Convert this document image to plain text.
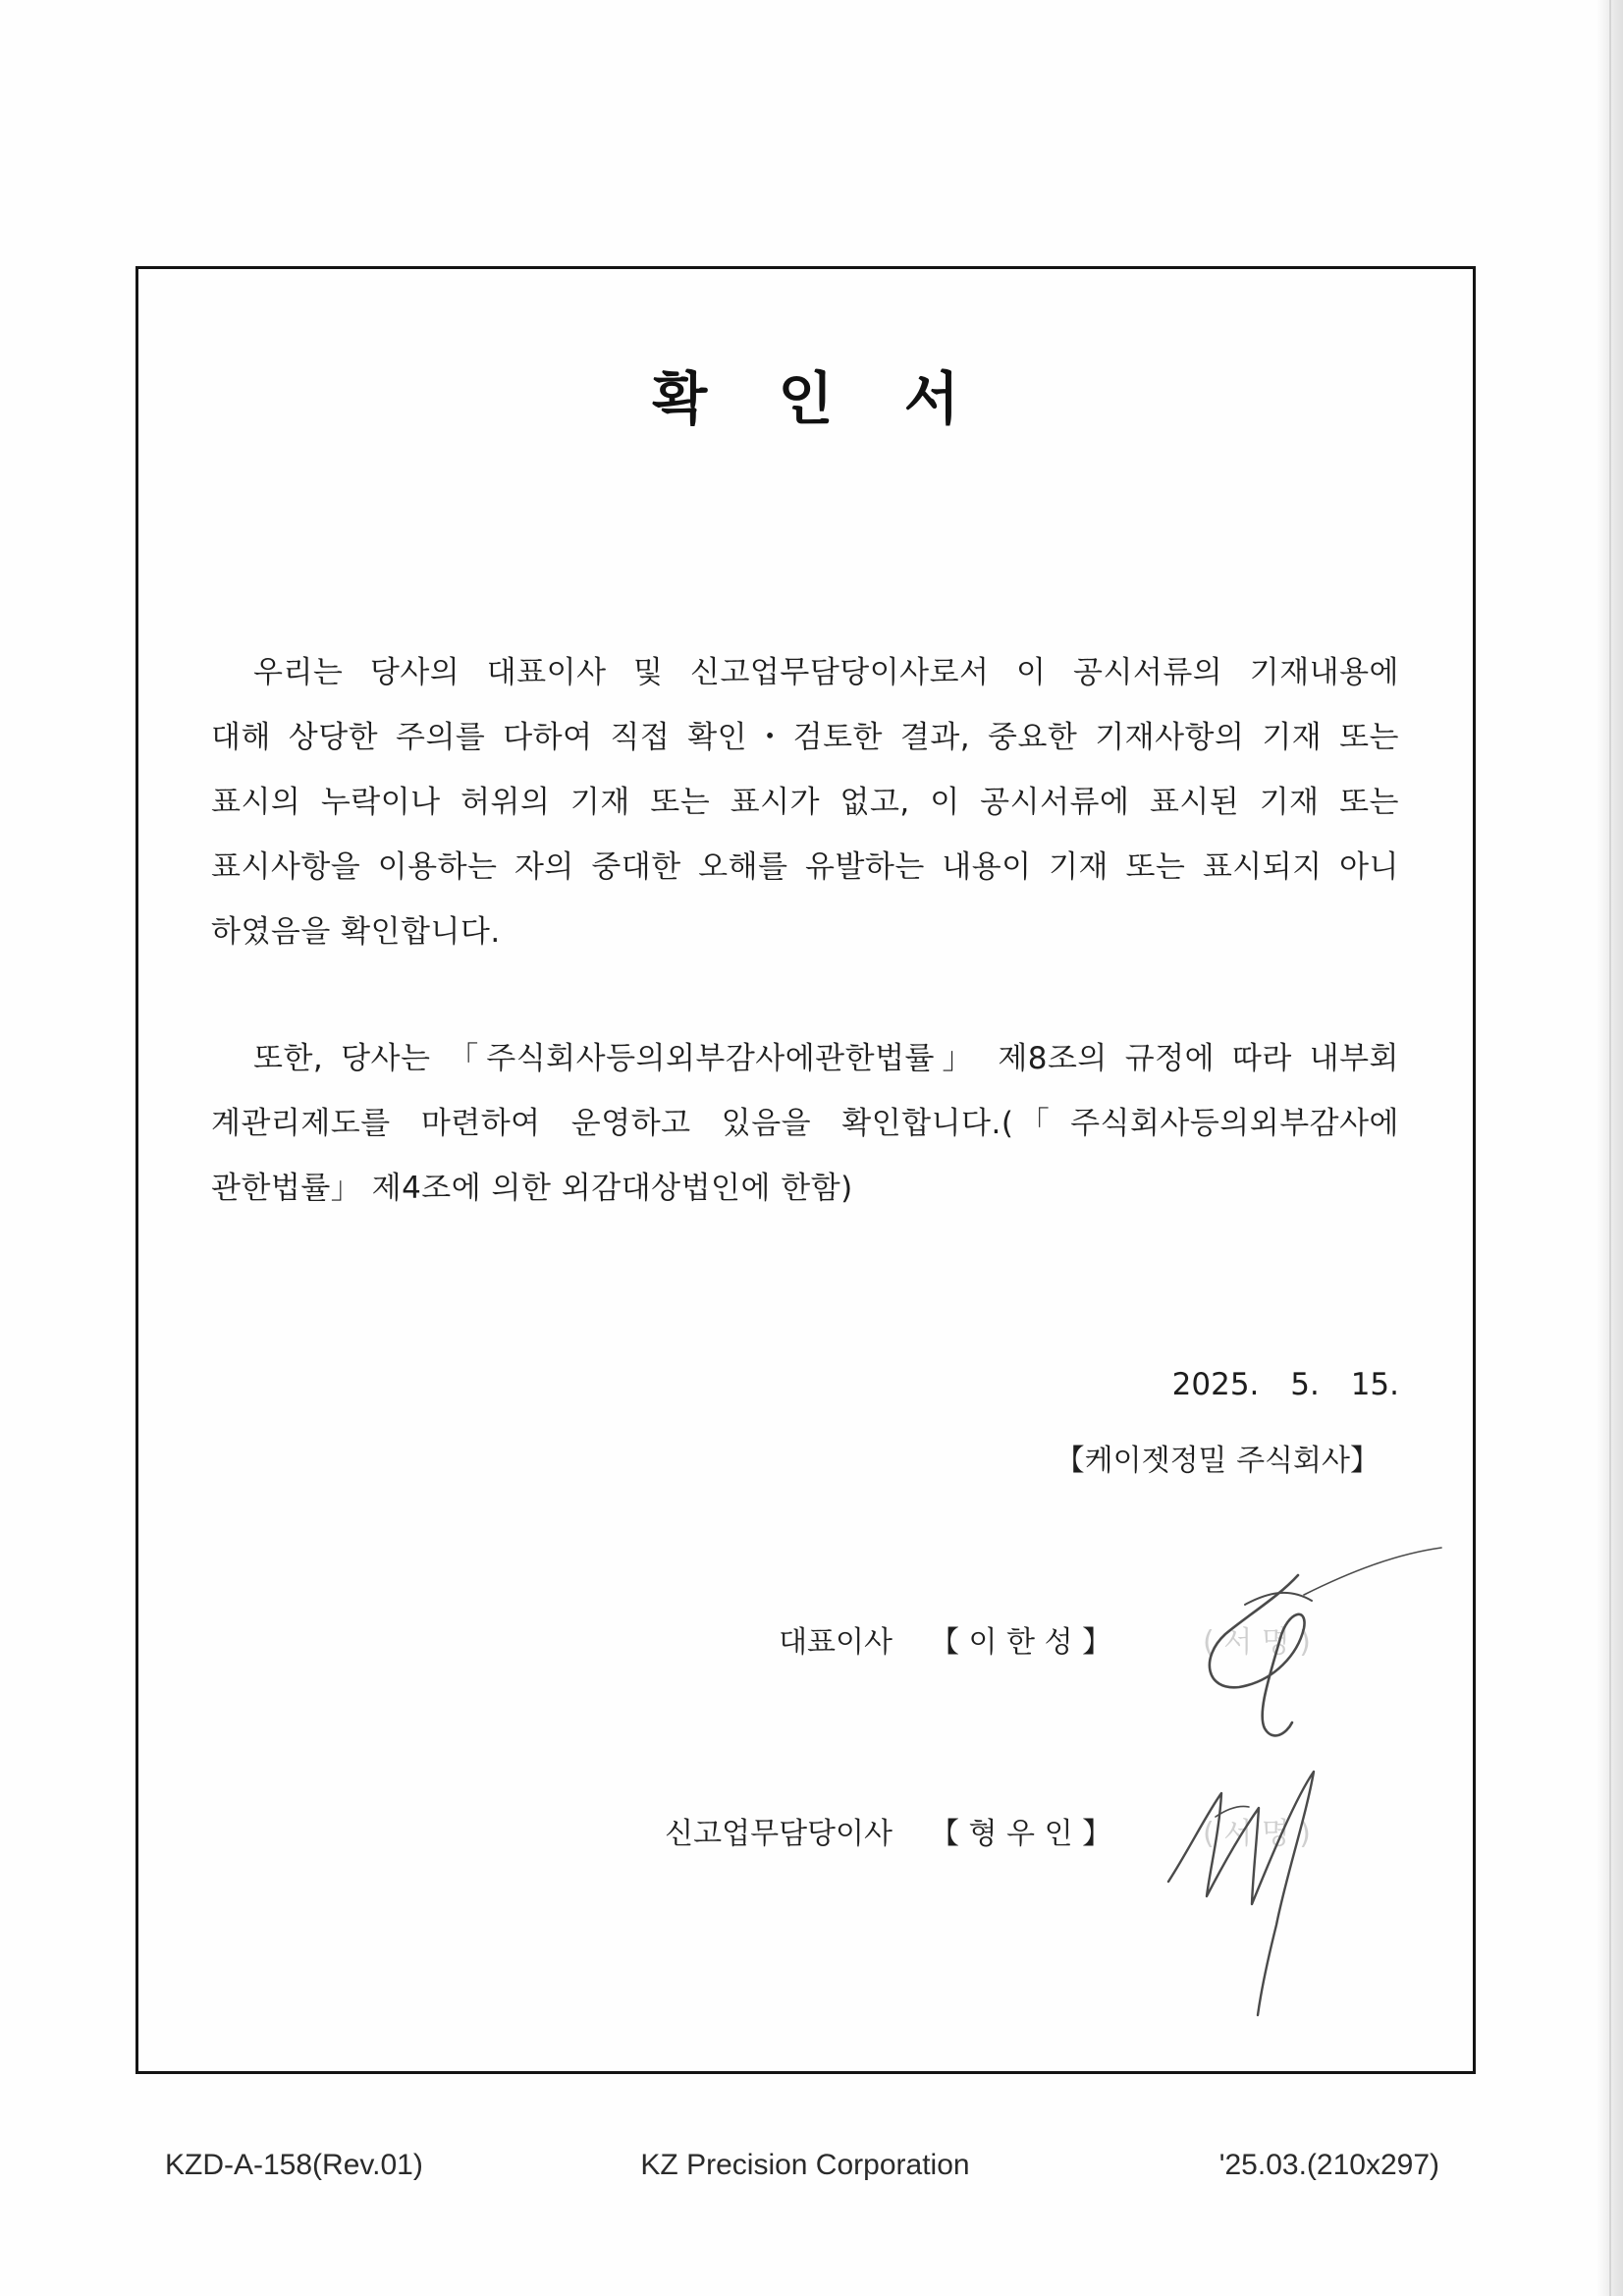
확 인 서
우리는 당사의 대표이사 및 신고업무담당이사로서 이 공시서류의 기재내용에
대해 상당한 주의를 다하여 직접 확인・검토한 결과, 중요한 기재사항의 기재 또는
표시의 누락이나 허위의 기재 또는 표시가 없고, 이 공시서류에 표시된 기재 또는
표시사항을 이용하는 자의 중대한 오해를 유발하는 내용이 기재 또는 표시되지 아니
하였음을 확인합니다.
또한, 당사는 「주식회사등의외부감사에관한법률」 제8조의 규정에 따라 내부회
계관리제도를 마련하여 운영하고 있음을 확인합니다.(「주식회사등의외부감사에
관한법률」 제4조에 의한 외감대상법인에 한함)
2025. 5. 15.
【케이젯정밀 주식회사】
대표이사 【 이 한 성 】	( 서 명 )
신고업무담당이사 【 형 우 인 】	( 서 명 )
KZD-A-158(Rev.01)	KZ Precision Corporation	'25.03.(210x297)
